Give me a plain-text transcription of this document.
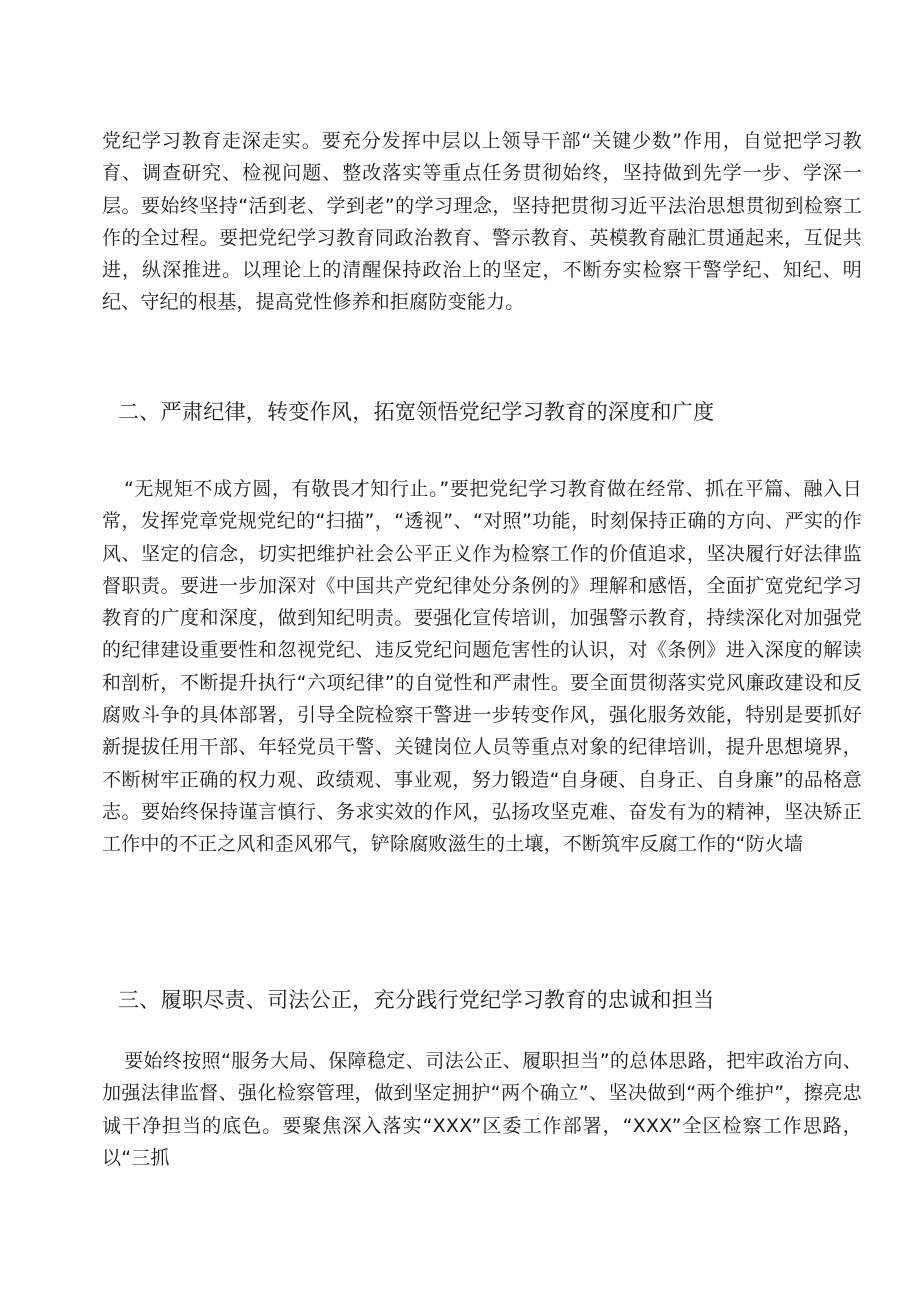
党纪学习教育走深走实。要充分发挥中层以上领导干部“关键少数”作用，自觉把学习教育、调查研究、检视问题、整改落实等重点任务贯彻始终，坚持做到先学一步、学深一层。要始终坚持“活到老、学到老”的学习理念，坚持把贯彻习近平法治思想贯彻到检察工作的全过程。要把党纪学习教育同政治教育、警示教育、英模教育融汇贯通起来，互促共进，纵深推进。以理论上的清醒保持政治上的坚定，不断夯实检察干警学纪、知纪、明纪、守纪的根基，提高党性修养和拒腐防变能力。

二、严肃纪律，转变作风，拓宽领悟党纪学习教育的深度和广度

“无规矩不成方圆，有敬畏才知行止。”要把党纪学习教育做在经常、抓在平篇、融入日常，发挥党章党规党纪的“扫描”，“透视”、“对照”功能，时刻保持正确的方向、严实的作风、坚定的信念，切实把维护社会公平正义作为检察工作的价值追求，坚决履行好法律监督职责。要进一步加深对《中国共产党纪律处分条例的》理解和感悟，全面扩宽党纪学习教育的广度和深度，做到知纪明责。要强化宣传培训，加强警示教育，持续深化对加强党的纪律建设重要性和忽视党纪、违反党纪问题危害性的认识，对《条例》进入深度的解读和剖析，不断提升执行“六项纪律”的自觉性和严肃性。要全面贯彻落实党风廉政建设和反腐败斗争的具体部署，引导全院检察干警进一步转变作风，强化服务效能，特别是要抓好新提拔任用干部、年轻党员干警、关键岗位人员等重点对象的纪律培训，提升思想境界，不断树牢正确的权力观、政绩观、事业观，努力锻造“自身硬、自身正、自身廉”的品格意志。要始终保持谨言慎行、务求实效的作风，弘扬攻坚克难、奋发有为的精神，坚决矫正工作中的不正之风和歪风邪气，铲除腐败滋生的土壤，不断筑牢反腐工作的“防火墙

三、履职尽责、司法公正，充分践行党纪学习教育的忠诚和担当

要始终按照“服务大局、保障稳定、司法公正、履职担当”的总体思路，把牢政治方向、加强法律监督、强化检察管理，做到坚定拥护“两个确立”、坚决做到“两个维护”，擦亮忠诚干净担当的底色。要聚焦深入落实“XXX”区委工作部署，“XXX”全区检察工作思路，以“三抓
